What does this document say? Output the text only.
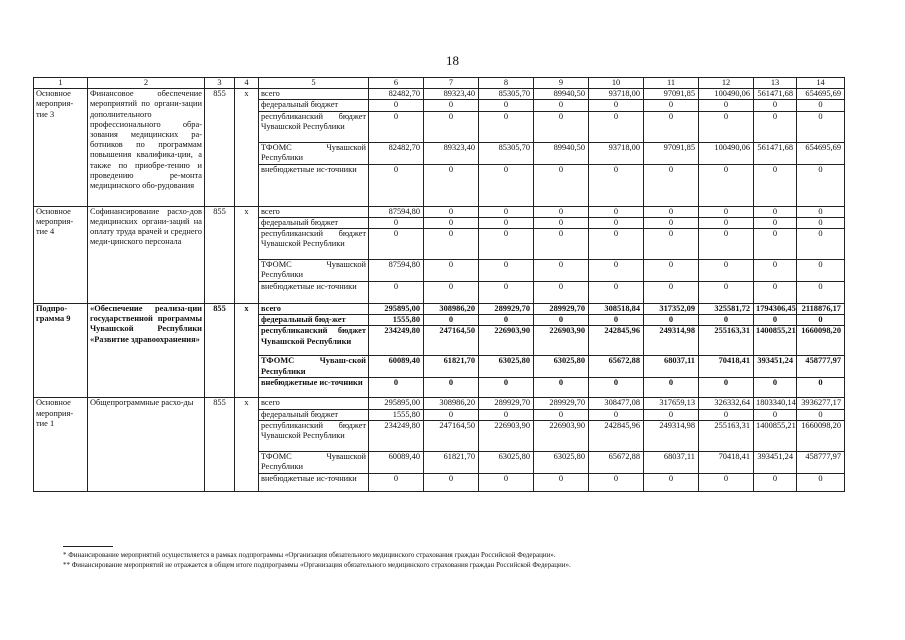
18
1	2	3	4	5	6	7	8	9	10	11	12	13	14
Основное мероприя-тие 3	Финансовое обеспечение мероприятий по органи-зации дополнительного профессионального обра-зования медицинских ра-ботников по программам повышения квалифика-ции, а также по приобре-тению и проведению ре-монта медицинского обо-рудования	855	x	всего	82482,70	89323,40	85305,70	89940,50	93718,00	97091,85	100490,06	561471,68	654695,69
				федеральный бюджет	0	0	0	0	0	0	0	0	0
				республиканский бюджет Чувашской Республики	0	0	0	0	0	0	0	0	0
				ТФОМС Чувашской Республики	82482,70	89323,40	85305,70	89940,50	93718,00	97091,85	100490,06	561471,68	654695,69
				внебюджетные ис-точники	0	0	0	0	0	0	0	0	0
Основное мероприя-тие 4	Софинансирование расхо-дов медицинских органи-заций на оплату труда врачей и среднего меди-цинского персонала	855	x	всего	87594,80	0	0	0	0	0	0	0	0
				федеральный бюджет	0	0	0	0	0	0	0	0	0
				республиканский бюджет Чувашской Республики	0	0	0	0	0	0	0	0	0
				ТФОМС Чувашской Республики	87594,80	0	0	0	0	0	0	0	0
				внебюджетные ис-точники	0	0	0	0	0	0	0	0	0
Подпро-грамма 9	«Обеспечение реализа-ции государственной программы Чувашской Республики «Развитие здравоохранения»	855	x	всего	295895,00	308986,20	289929,70	289929,70	308518,84	317352,09	325581,72	1794306,45	2118876,17
				федеральный бюд-жет	1555,80	0	0	0	0	0	0	0	0
				республиканский бюджет Чувашской Республики	234249,80	247164,50	226903,90	226903,90	242845,96	249314,98	255163,31	1400855,21	1660098,20
				ТФОМС Чуваш-ской Республики	60089,40	61821,70	63025,80	63025,80	65672,88	68037,11	70418,41	393451,24	458777,97
				внебюджетные ис-точники	0	0	0	0	0	0	0	0	0
Основное мероприя-тие 1	Общепрограммные расхо-ды	855	x	всего	295895,00	308986,20	289929,70	289929,70	308477,08	317659,13	326332,64	1803340,14	3936277,17
				федеральный бюджет	1555,80	0	0	0	0	0	0	0	0
				республиканский бюджет Чувашской Республики	234249,80	247164,50	226903,90	226903,90	242845,96	249314,98	255163,31	1400855,21	1660098,20
				ТФОМС Чувашской Республики	60089,40	61821,70	63025,80	63025,80	65672,88	68037,11	70418,41	393451,24	458777,97
				внебюджетные ис-точники	0	0	0	0	0	0	0	0	0
* Финансирование мероприятий осуществляется в рамках подпрограммы «Организация обязательного медицинского страхования граждан Российской Федерации».
** Финансирование мероприятий не отражается в общем итоге подпрограммы «Организация обязательного медицинского страхования граждан Российской Федерации».
